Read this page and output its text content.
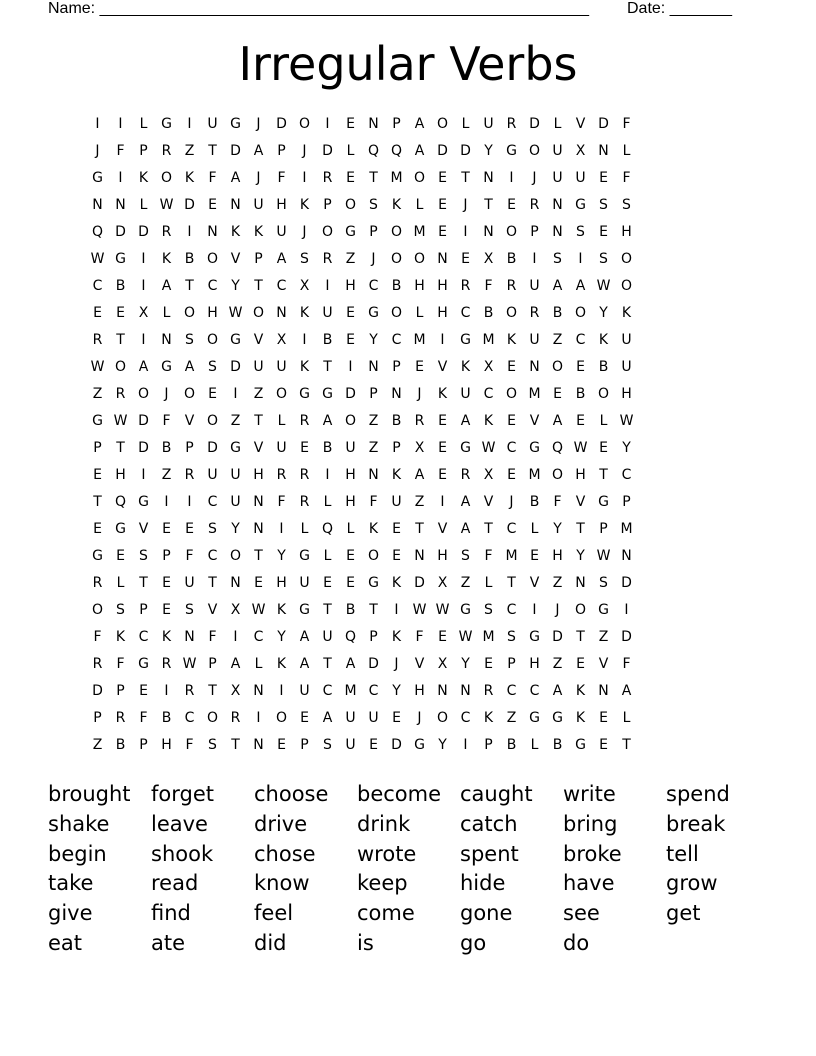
Name: _______________________________________________________ Date: _______
Irregular Verbs
I	I	L G	I	U G	J	D O	I	E N P A O L U R D L	V D F
J	F	P R Z T D A P	J	D L Q Q A D D Y G O U X N L
G	I	K O K	F	A	J	F	I	R E	T M O E	T N	I	J	U U E	F
N N L W D E N U H K	P O S K	L	E	J	T	E R N G S	S
Q D D R	I	N K K U	J	O G P O M E	I	N O P N S	E H
W G	I	K B O V P A S R Z	J	O O N E X B	I	S	I	S O
C B	I	A T C Y	T C X	I	H C B H H R	F	R U A A W O
E	E X	L O H W O N K U E G O L H C B O R B O Y	K
R T	I	N S O G V X	I	B E	Y C M	I	G M K U Z C K U
W O A G A S D U U K	T	I	N P	E V K X E N O E B U
Z R O	J	O E	I	Z O G G D P N	J	K U C O M E B O H
G W D F	V O Z T	L	R A O Z B R E A K E V A E	L W
P	T D B P D G V U E B U Z P X E G W C G Q W E	Y
E H	I	Z R U U H R R	I	H N K A E R X E M O H T C
T Q G	I	I	C U N F	R	L H F U Z	I	A V	J	B	F	V G P
E G V E	E	S	Y N	I	L Q L	K E	T V A T C	L	Y	T	P M
G E	S	P	F	C O T	Y G L	E O E N H S	F M E H Y W N
R	L	T	E U T N E H U E	E G K D X Z	L	T V Z N S D
O S	P	E	S V X W K G T B T	I	W W G S C	I	J	O G	I
F	K C K N F	I	C Y A U Q P	K	F	E W M S G D T Z D
R	F G R W P A	L	K A T A D	J	V X Y	E	P H Z E V	F
D P	E	I	R T X N	I	U C M C Y H N N R C C A K N A
P R	F	B C O R	I	O E A U U E	J	O C K Z G G K E	L
Z B P H F	S	T N E	P	S U E D G Y	I	P B	L	B G E	T
brought forget	choose	become caught	write	spend
shake	leave	drive	drink	catch	bring	break
begin	shook	chose	wrote	spent	broke	tell
take	read	know	keep	hide	have	grow
give	find	feel	come	gone	see	get
eat	ate	did	is	go	do
